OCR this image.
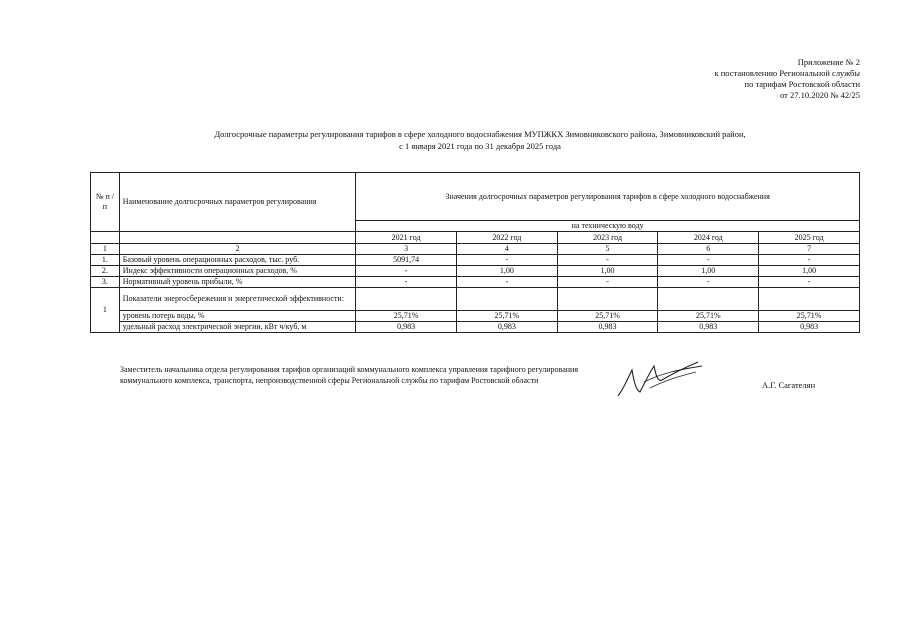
Приложение № 2
к постановлению Региональной службы
по тарифам Ростовской области
от 27.10.2020 № 42/25
Долгосрочные параметры регулирования тарифов в сфере холодного водоснабжения МУПЖКХ Зимовниковского района, Зимовниковский район,
с 1 января 2021 года по 31 декабря 2025 года
№ п /п	Наименование долгосрочных параметров регулирования	Значения долгосрочных параметров регулирования тарифов в сфере холодного водоснабжения				
		на техническую воду				
		2021 год	2022 год	2023 год	2024 год	2025 год
1	2	3	4	5	6	7
1.	Базовый уровень операционных расходов, тыс. руб.	5091,74	-	-	-	-
2.	Индекс эффективности операционных расходов, %	-	1,00	1,00	1,00	1,00
3.	Нормативный уровень прибыли, %	-	-	-	-	-
1	Показатели энергосбережения и энергетической эффективности:					
	уровень потерь воды, %	25,71%	25,71%	25,71%	25,71%	25,71%
	удельный расход электрической энергии, кВт ч/куб. м	0,983	0,983	0,983	0,983	0,983
Заместитель начальника отдела регулирования тарифов организаций коммунального комплекса управления тарифного регулирования коммунального комплекса, транспорта, непроизводственной сферы Региональной службы по тарифам Ростовской области	А.Г. Сагателян
